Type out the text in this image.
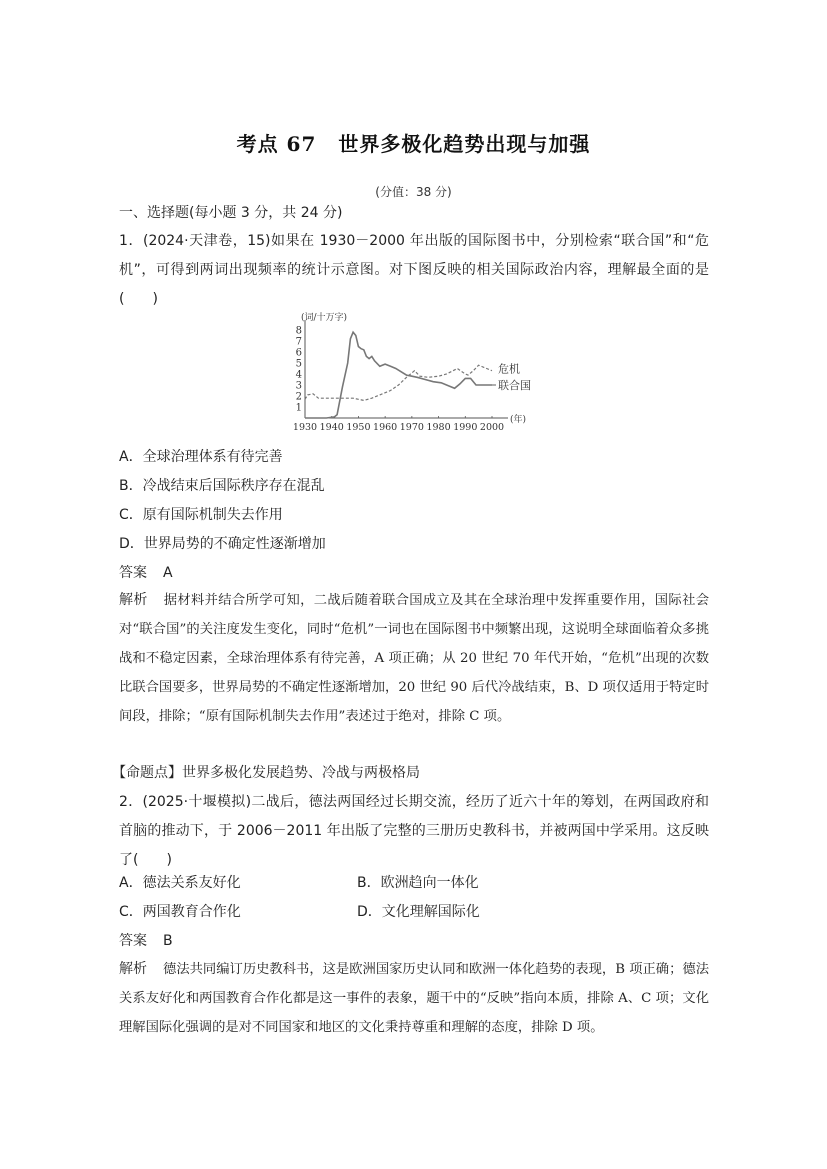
考点 67 世界多极化趋势出现与加强
(分值：38 分)
一、选择题(每小题 3 分，共 24 分)
1．(2024·天津卷，15)如果在 1930－2000 年出版的国际图书中，分别检索“联合国”和“危机”，可得到两词出现频率的统计示意图。对下图反映的相关国际政治内容，理解最全面的是(　　)
(词/十万字)
(年)
1
2
3
4
5
6
7
8
1930 1940 1950 1960 1970 1980 1990 2000
联合国
危机
A．全球治理体系有待完善
B．冷战结束后国际秩序存在混乱
C．原有国际机制失去作用
D．世界局势的不确定性逐渐增加
答案 A
解析 据材料并结合所学可知，二战后随着联合国成立及其在全球治理中发挥重要作用，国际社会对“联合国”的关注度发生变化，同时“危机”一词也在国际图书中频繁出现，这说明全球面临着众多挑战和不稳定因素，全球治理体系有待完善，A 项正确；从 20 世纪 70 年代开始，“危机”出现的次数比联合国要多，世界局势的不确定性逐渐增加，20 世纪 90 后代冷战结束，B、D 项仅适用于特定时间段，排除；“原有国际机制失去作用”表述过于绝对，排除 C 项。
【命题点】世界多极化发展趋势、冷战与两极格局
2．(2025·十堰模拟)二战后，德法两国经过长期交流，经历了近六十年的筹划，在两国政府和首脑的推动下，于 2006－2011 年出版了完整的三册历史教科书，并被两国中学采用。这反映了(　　)
A．德法关系友好化	B．欧洲趋向一体化
C．两国教育合作化	D．文化理解国际化
答案 B
解析 德法共同编订历史教科书，这是欧洲国家历史认同和欧洲一体化趋势的表现，B 项正确；德法关系友好化和两国教育合作化都是这一事件的表象，题干中的“反映”指向本质，排除 A、C 项；文化理解国际化强调的是对不同国家和地区的文化秉持尊重和理解的态度，排除 D 项。
